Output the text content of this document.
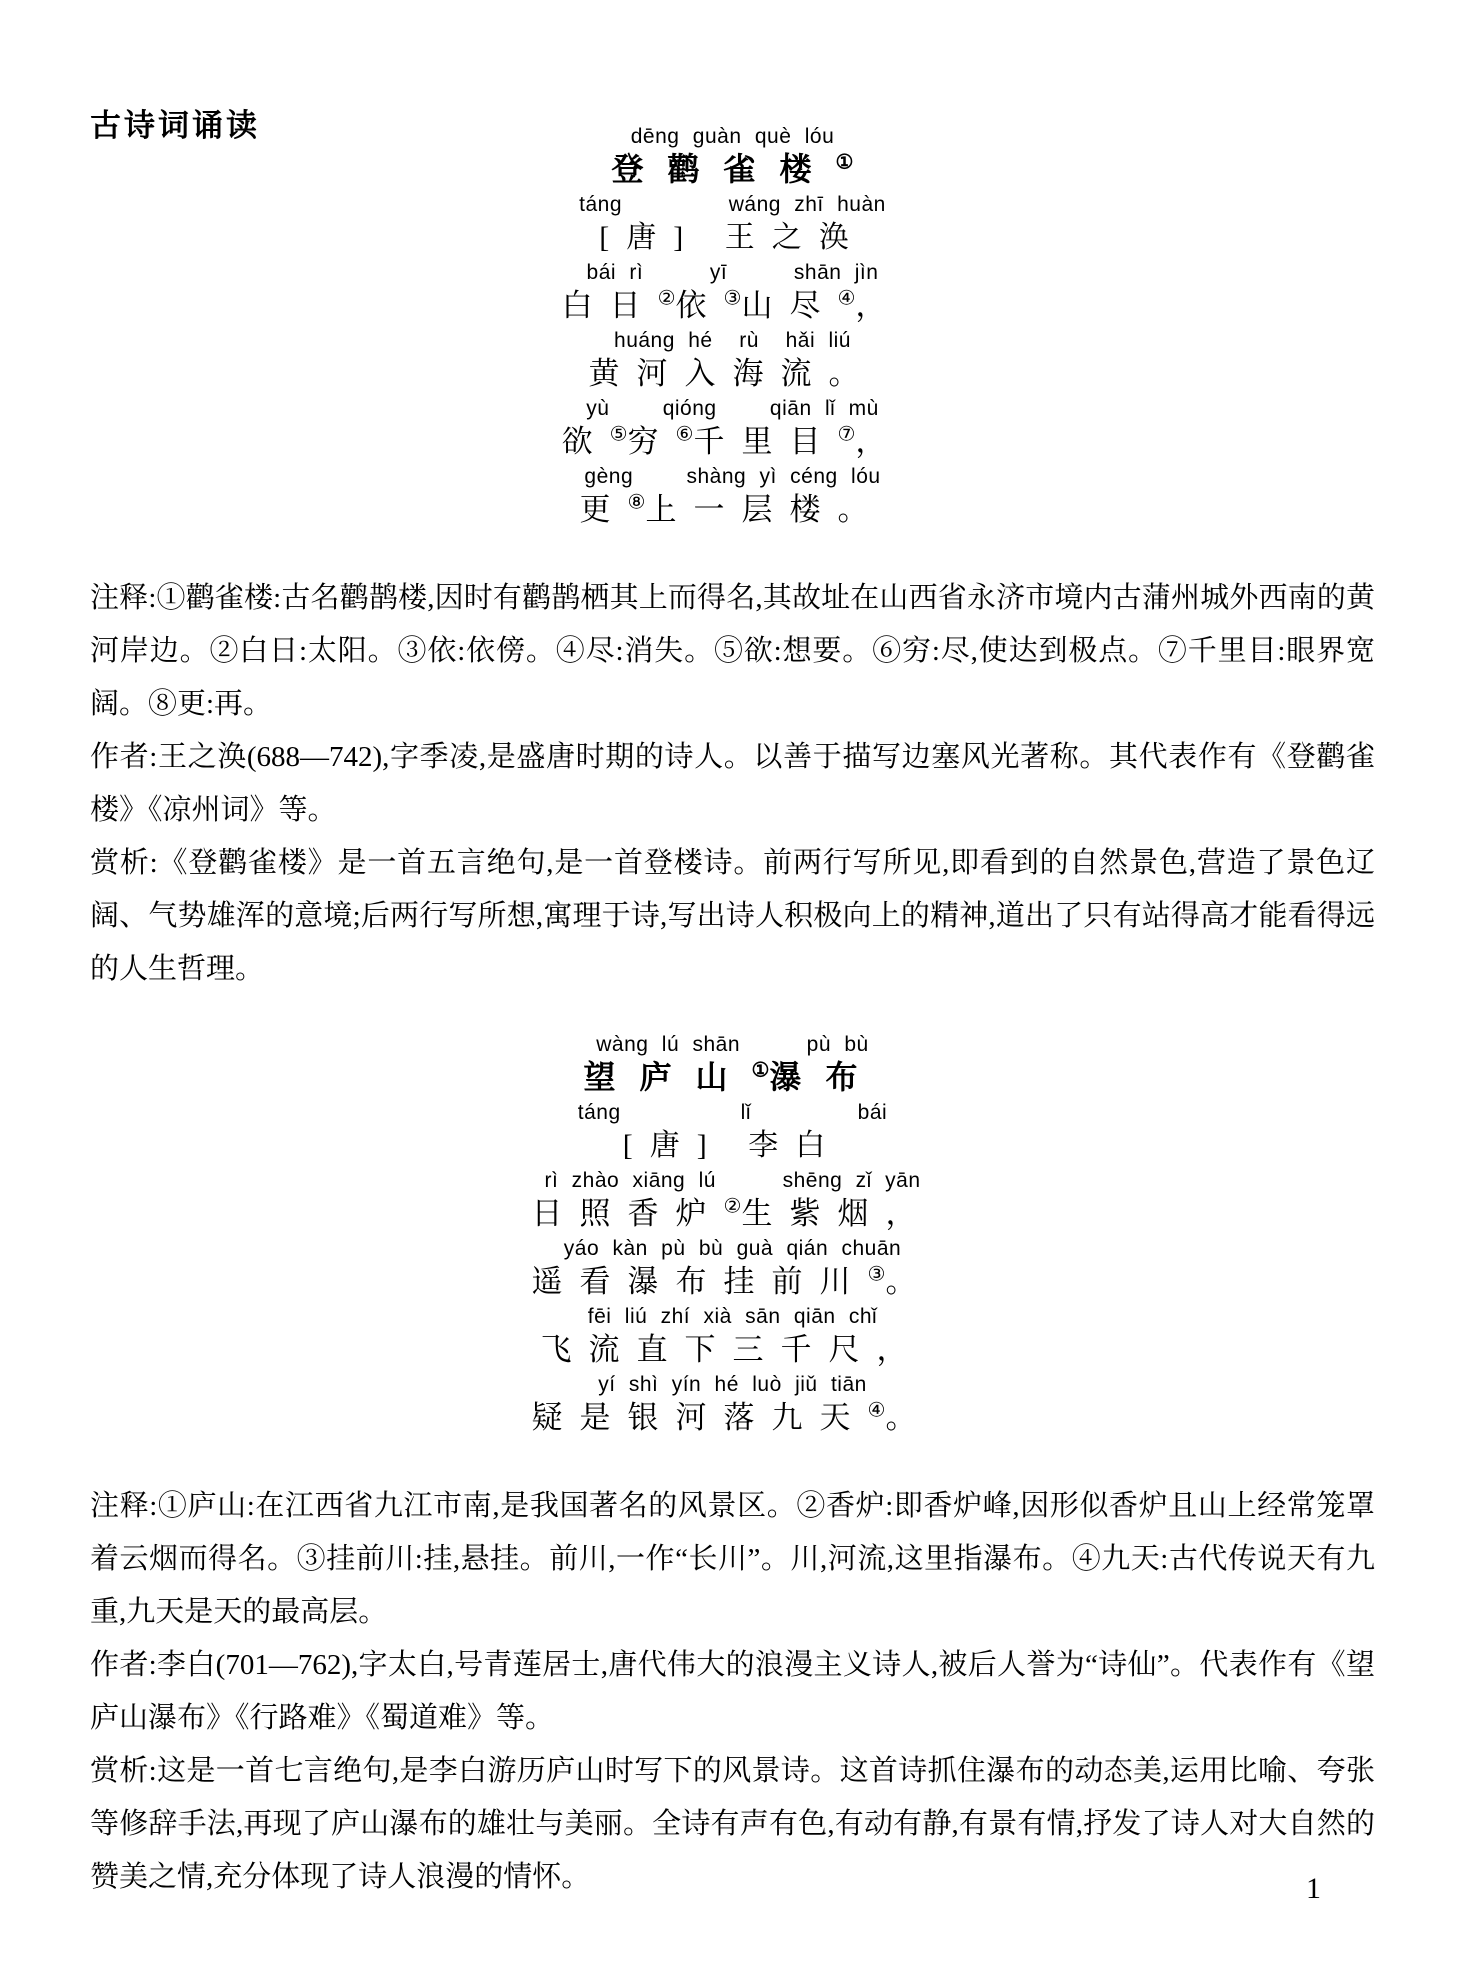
古诗词诵读	dēng guàn què lóu
登鹳雀楼①
táng        wáng zhī huàn
[唐] 王之涣
bái rì     yī     shān jìn
白日②依③山尽④，
huáng hé  rù  hǎi liú
黄河入海流。
yù    qióng    qiān lǐ mù
欲⑤穷⑥千里目⑦，
gèng    shàng yì céng lóu
更⑧上一层楼。
注释:①鹳雀楼:古名鹳鹊楼,因时有鹳鹊栖其上而得名,其故址在山西省永济市境内古蒲州城外西南的黄河岸边。②白日:太阳。③依:依傍。④尽:消失。⑤欲:想要。⑥穷:尽,使达到极点。⑦千里目:眼界宽阔。⑧更:再。
作者:王之涣(688—742),字季凌,是盛唐时期的诗人。以善于描写边塞风光著称。其代表作有《登鹳雀楼》《凉州词》等。
赏析:《登鹳雀楼》是一首五言绝句,是一首登楼诗。前两行写所见,即看到的自然景色,营造了景色辽阔、气势雄浑的意境;后两行写所想,寓理于诗,写出诗人积极向上的精神,道出了只有站得高才能看得远的人生哲理。
wàng lú shān     pù bù
望庐山①瀑布
táng         lǐ        bái
[唐] 李白
rì zhào xiāng lú     shēng zǐ yān
日照香炉②生紫烟，
yáo kàn pù bù guà qián chuān
遥看瀑布挂前川③。
fēi liú zhí xià sān qiān chǐ
飞流直下三千尺，
yí shì yín hé luò jiǔ tiān
疑是银河落九天④。
注释:①庐山:在江西省九江市南,是我国著名的风景区。②香炉:即香炉峰,因形似香炉且山上经常笼罩着云烟而得名。③挂前川:挂,悬挂。前川,一作“长川”。川,河流,这里指瀑布。④九天:古代传说天有九重,九天是天的最高层。
作者:李白(701—762),字太白,号青莲居士,唐代伟大的浪漫主义诗人,被后人誉为“诗仙”。代表作有《望庐山瀑布》《行路难》《蜀道难》等。
赏析:这是一首七言绝句,是李白游历庐山时写下的风景诗。这首诗抓住瀑布的动态美,运用比喻、夸张等修辞手法,再现了庐山瀑布的雄壮与美丽。全诗有声有色,有动有静,有景有情,抒发了诗人对大自然的赞美之情,充分体现了诗人浪漫的情怀。	1
